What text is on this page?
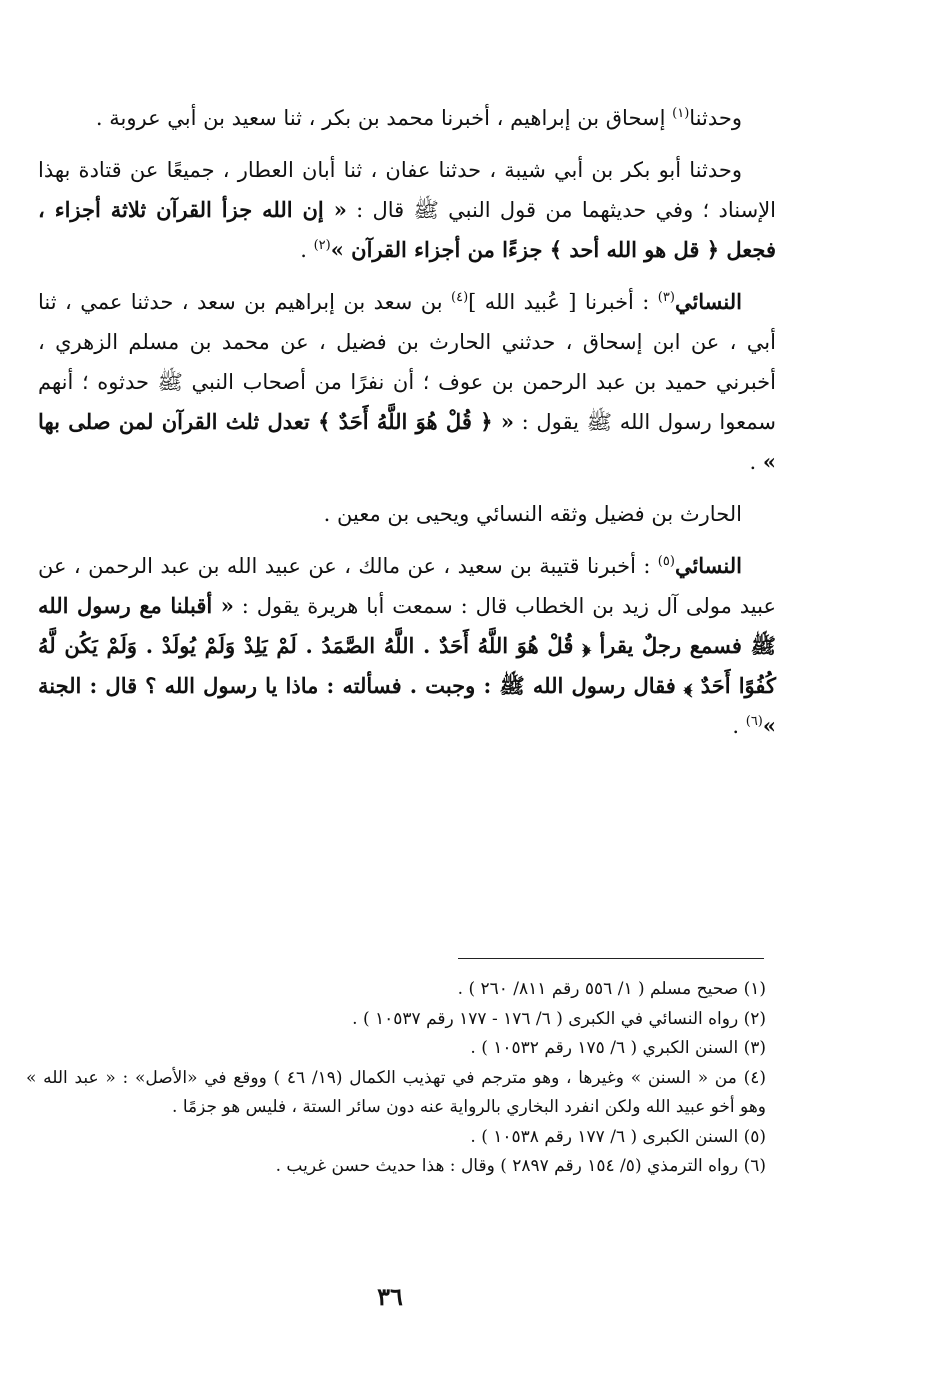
وحدثنا$^{(١)}$ إسحاق بن إبراهيم ، أخبرنا محمد بن بكر ، ثنا سعيد بن أبي عروبة .

وحدثنا أبو بكر بن أبي شيبة ، حدثنا عفان ، ثنا أبان العطار ، جميعًا عن قتادة بهذا الإسناد ؛ وفي حديثهما من قول النبي ﷺ قال : « إن الله جزأ القرآن ثلاثة أجزاء ، فجعل ﴿ قل هو الله أحد ﴾ جزءًا من أجزاء القرآن »$^{(٢)}$ .

النسائي$^{(٣)}$ : أخبرنا [ عُبيد الله ]$^{(٤)}$ بن سعد بن إبراهيم بن سعد ، حدثنا عمي ، ثنا أبي ، عن ابن إسحاق ، حدثني الحارث بن فضيل ، عن محمد بن مسلم الزهري ، أخبرني حميد بن عبد الرحمن بن عوف ؛ أن نفرًا من أصحاب النبي ﷺ حدثوه ؛ أنهم سمعوا رسول الله ﷺ يقول : « ﴿ قُلْ هُوَ اللَّهُ أَحَدٌ ﴾ تعدل ثلث القرآن لمن صلى بها » .

الحارث بن فضيل وثقه النسائي ويحيى بن معين .

النسائي$^{(٥)}$ : أخبرنا قتيبة بن سعيد ، عن مالك ، عن عبيد الله بن عبد الرحمن ، عن عبيد مولى آل زيد بن الخطاب قال : سمعت أبا هريرة يقول : « أقبلنا مع رسول الله ﷺ فسمع رجلٌ يقرأ ﴿ قُلْ هُوَ اللَّهُ أَحَدٌ . اللَّهُ الصَّمَدُ . لَمْ يَلِدْ وَلَمْ يُولَدْ . وَلَمْ يَكُن لَّهُ كُفُوًا أَحَدٌ ﴾ فقال رسول الله ﷺ : وجبت . فسألته : ماذا يا رسول الله ؟ قال : الجنة »$^{(٦)}$ .

(١) صحيح مسلم ( ١/ ٥٥٦ رقم ٨١١/ ٢٦٠ ) .

(٢) رواه النسائي في الكبرى ( ٦/ ١٧٦ - ١٧٧ رقم ١٠٥٣٧ ) .

(٣) السنن الكبري ( ٦/ ١٧٥ رقم ١٠٥٣٢ ) .

(٤) من « السنن » وغيرها ، وهو مترجم في تهذيب الكمال (١٩/ ٤٦ ) ووقع في «الأصل» : « عبد الله » وهو أخو عبيد الله ولكن انفرد البخاري بالرواية عنه دون سائر الستة ، فليس هو جزمًا .

(٥) السنن الكبرى ( ٦/ ١٧٧ رقم ١٠٥٣٨ ) .

(٦) رواه الترمذي (٥/ ١٥٤ رقم ٢٨٩٧ ) وقال : هذا حديث حسن غريب .

٣٦
